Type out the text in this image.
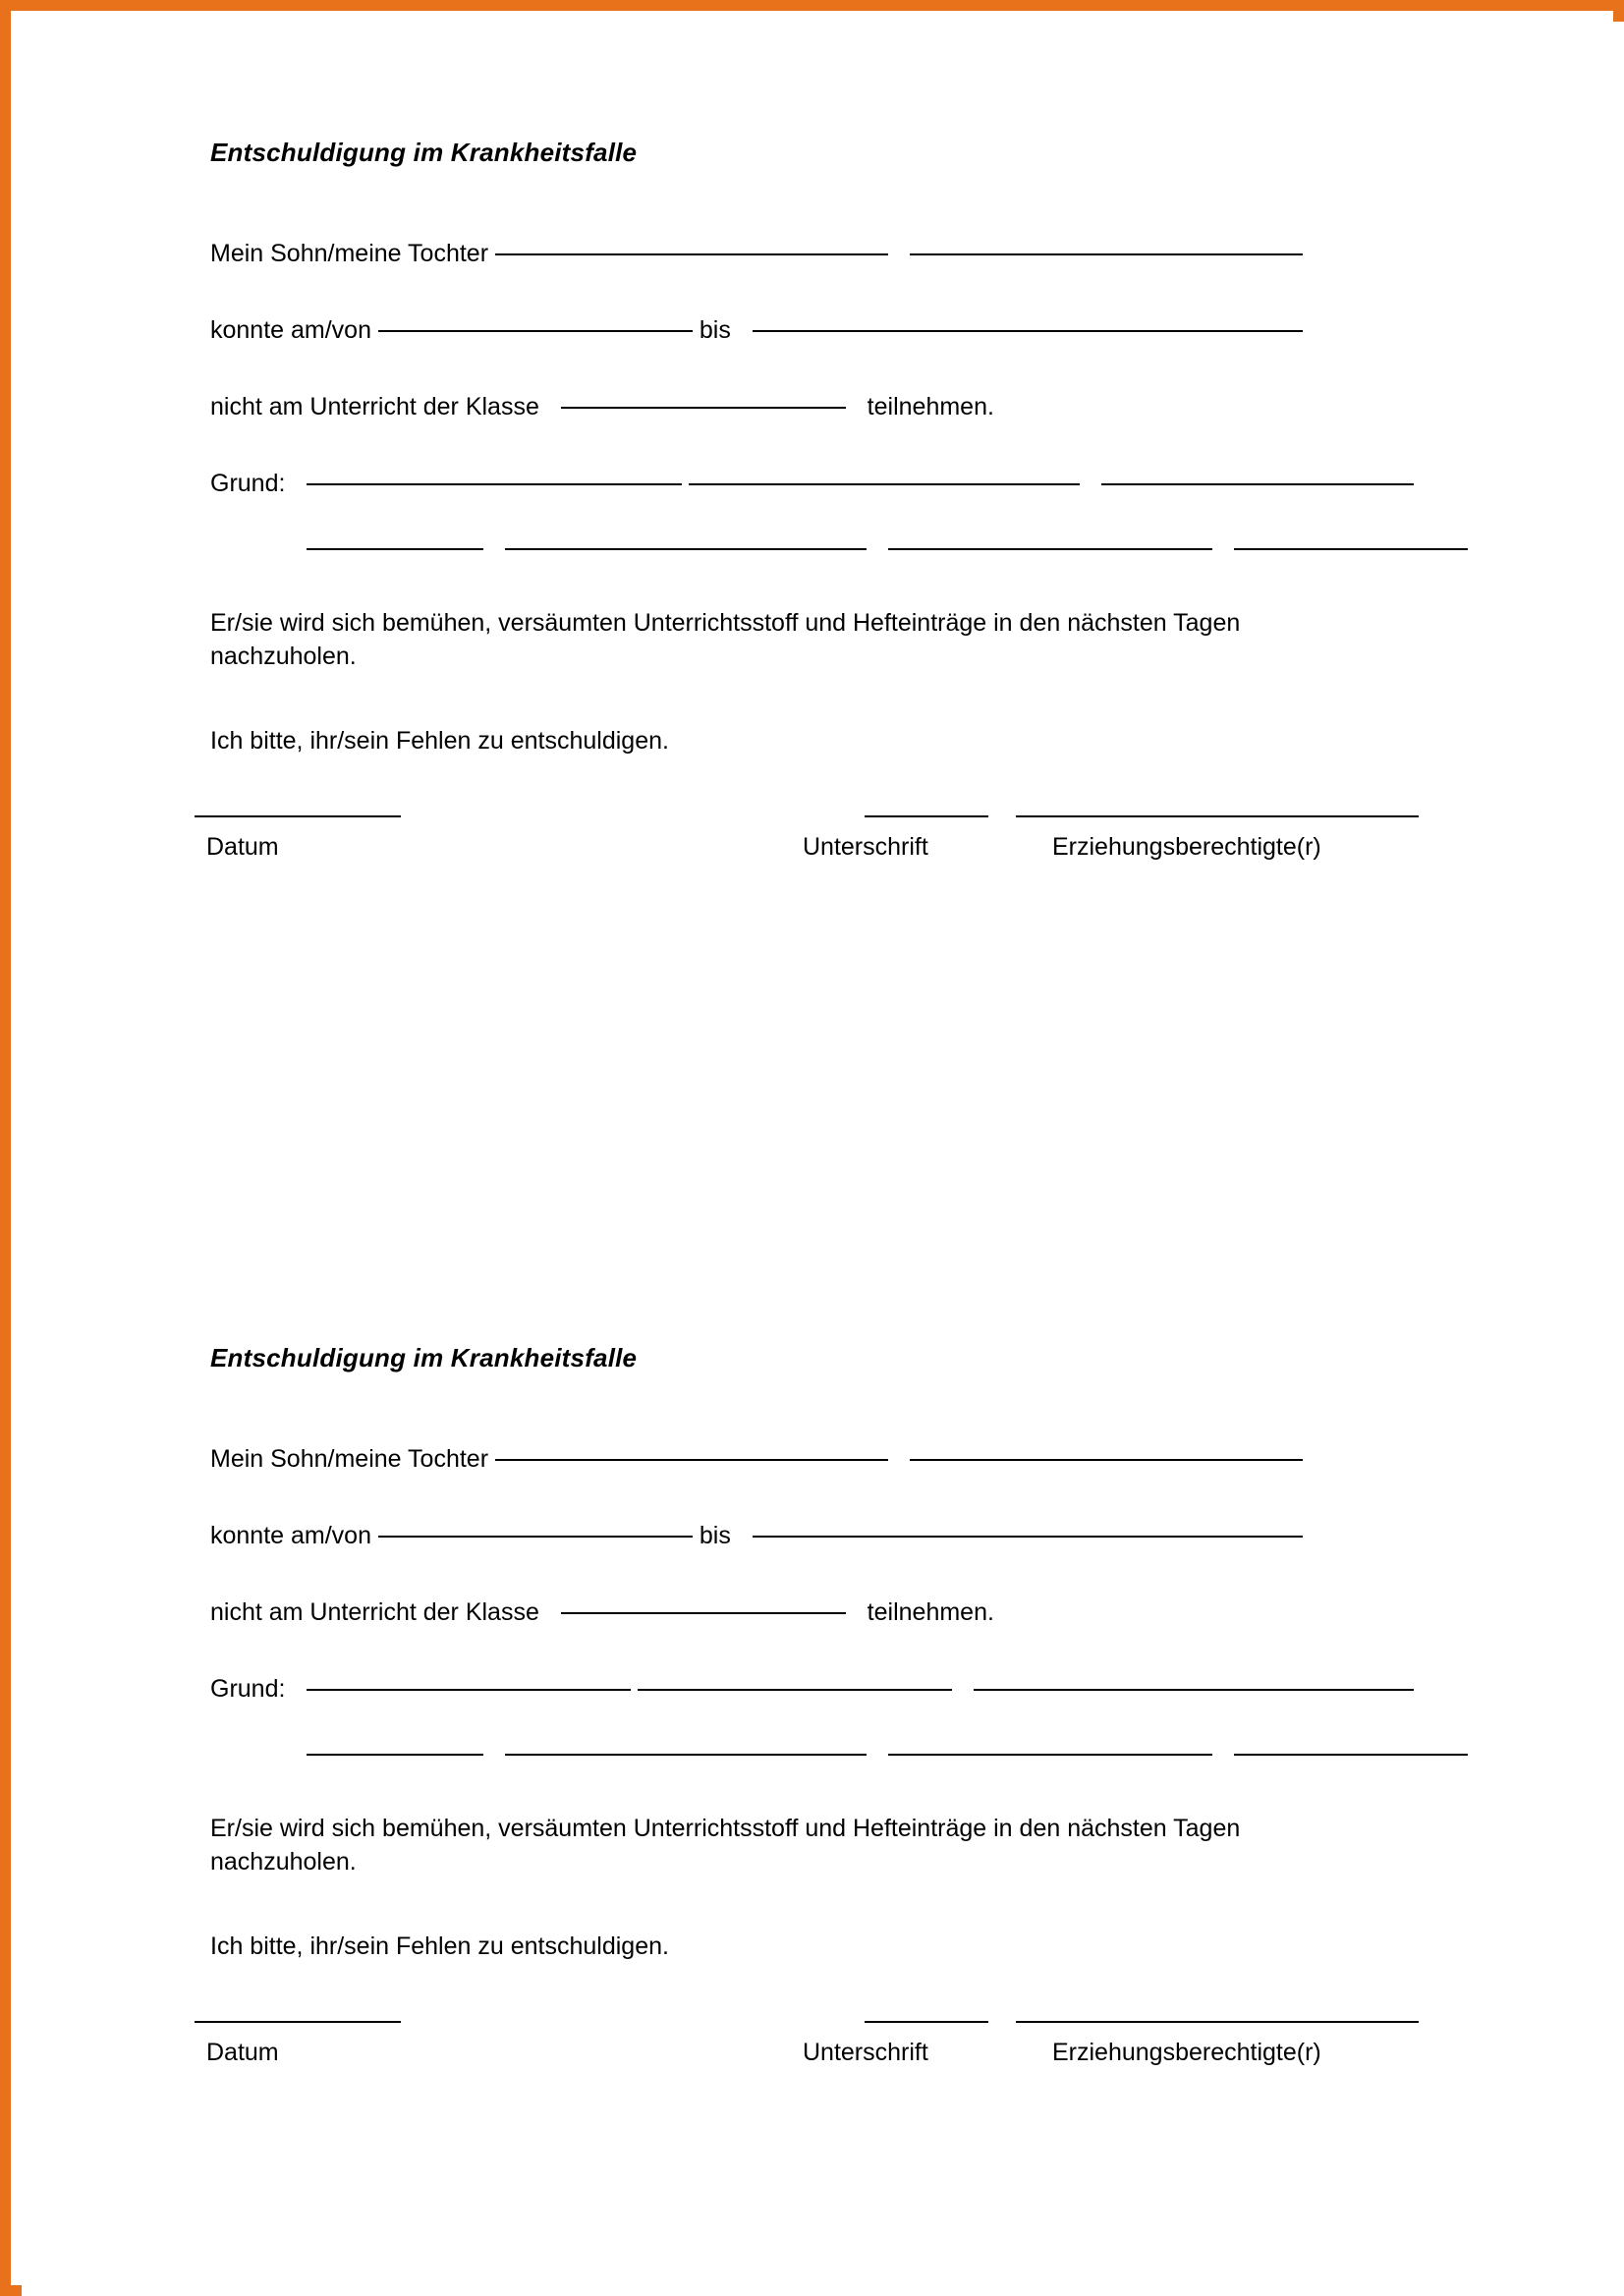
Entschuldigung im Krankheitsfalle
Mein Sohn/meine Tochter
konnte am/von	bis
nicht am Unterricht der Klasse	teilnehmen.
Grund:

Er/sie wird sich bemühen, versäumten Unterrichtsstoff und Hefteinträge in den nächsten Tagen nachzuholen.
Ich bitte, ihr/sein Fehlen zu entschuldigen.
Datum	Unterschrift	Erziehungsberechtigte(r)
Entschuldigung im Krankheitsfalle
Mein Sohn/meine Tochter
konnte am/von	bis
nicht am Unterricht der Klasse	teilnehmen.
Grund:

Er/sie wird sich bemühen, versäumten Unterrichtsstoff und Hefteinträge in den nächsten Tagen nachzuholen.
Ich bitte, ihr/sein Fehlen zu entschuldigen.
Datum	Unterschrift	Erziehungsberechtigte(r)
